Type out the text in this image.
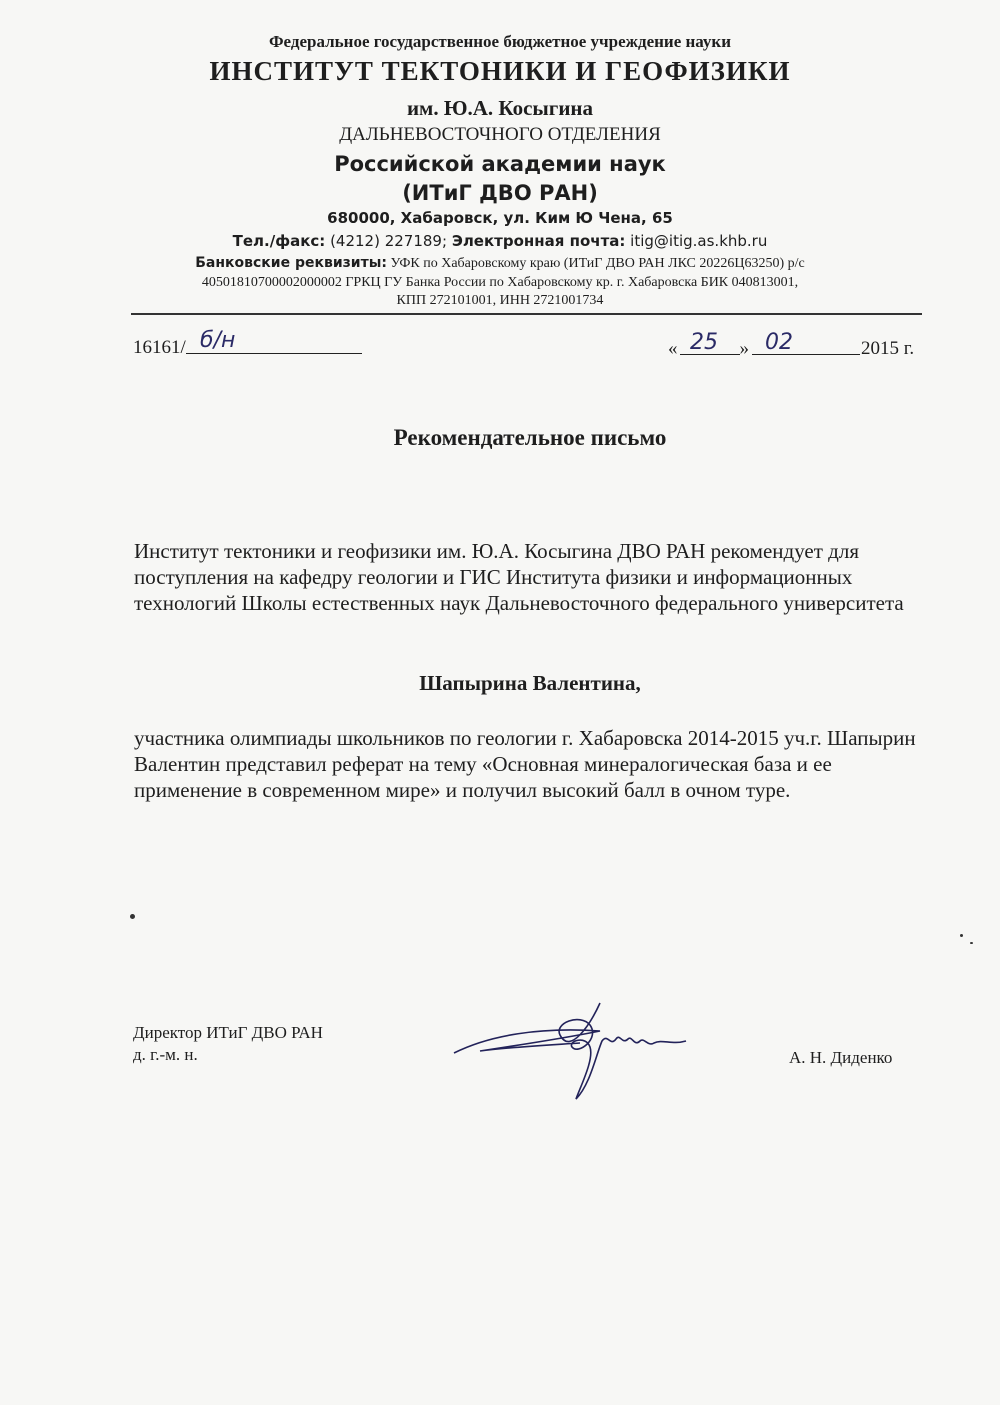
Федеральное государственное бюджетное учреждение науки
ИНСТИТУТ ТЕКТОНИКИ И ГЕОФИЗИКИ
им. Ю.А. Косыгина
ДАЛЬНЕВОСТОЧНОГО ОТДЕЛЕНИЯ
Российской академии наук
(ИТиГ ДВО РАН)
680000, Хабаровск, ул. Ким Ю Чена, 65
Тел./факс: (4212) 227189; Электронная почта: itig@itig.as.khb.ru
Банковские реквизиты: УФК по Хабаровскому краю (ИТиГ ДВО РАН ЛКС 20226Ц63250) р/с
40501810700002000002 ГРКЦ ГУ Банка России по Хабаровскому кр. г. Хабаровска БИК 040813001,
КПП 272101001, ИНН 2721001734
16161/ б/н	«	»	2015 г.
25 02
Рекомендательное письмо
Институт тектоники и геофизики им. Ю.А. Косыгина ДВО РАН рекомендует для поступления на кафедру геологии и ГИС Института физики и информационных технологий Школы естественных наук Дальневосточного федерального университета
Шапырина Валентина,
участника олимпиады школьников по геологии г. Хабаровска 2014-2015 уч.г. Шапырин Валентин представил реферат на тему «Основная минералогическая база и ее применение в современном мире» и получил высокий балл в очном туре.
Директор ИТиГ ДВО РАН
д. г.-м. н.	А. Н. Диденко
